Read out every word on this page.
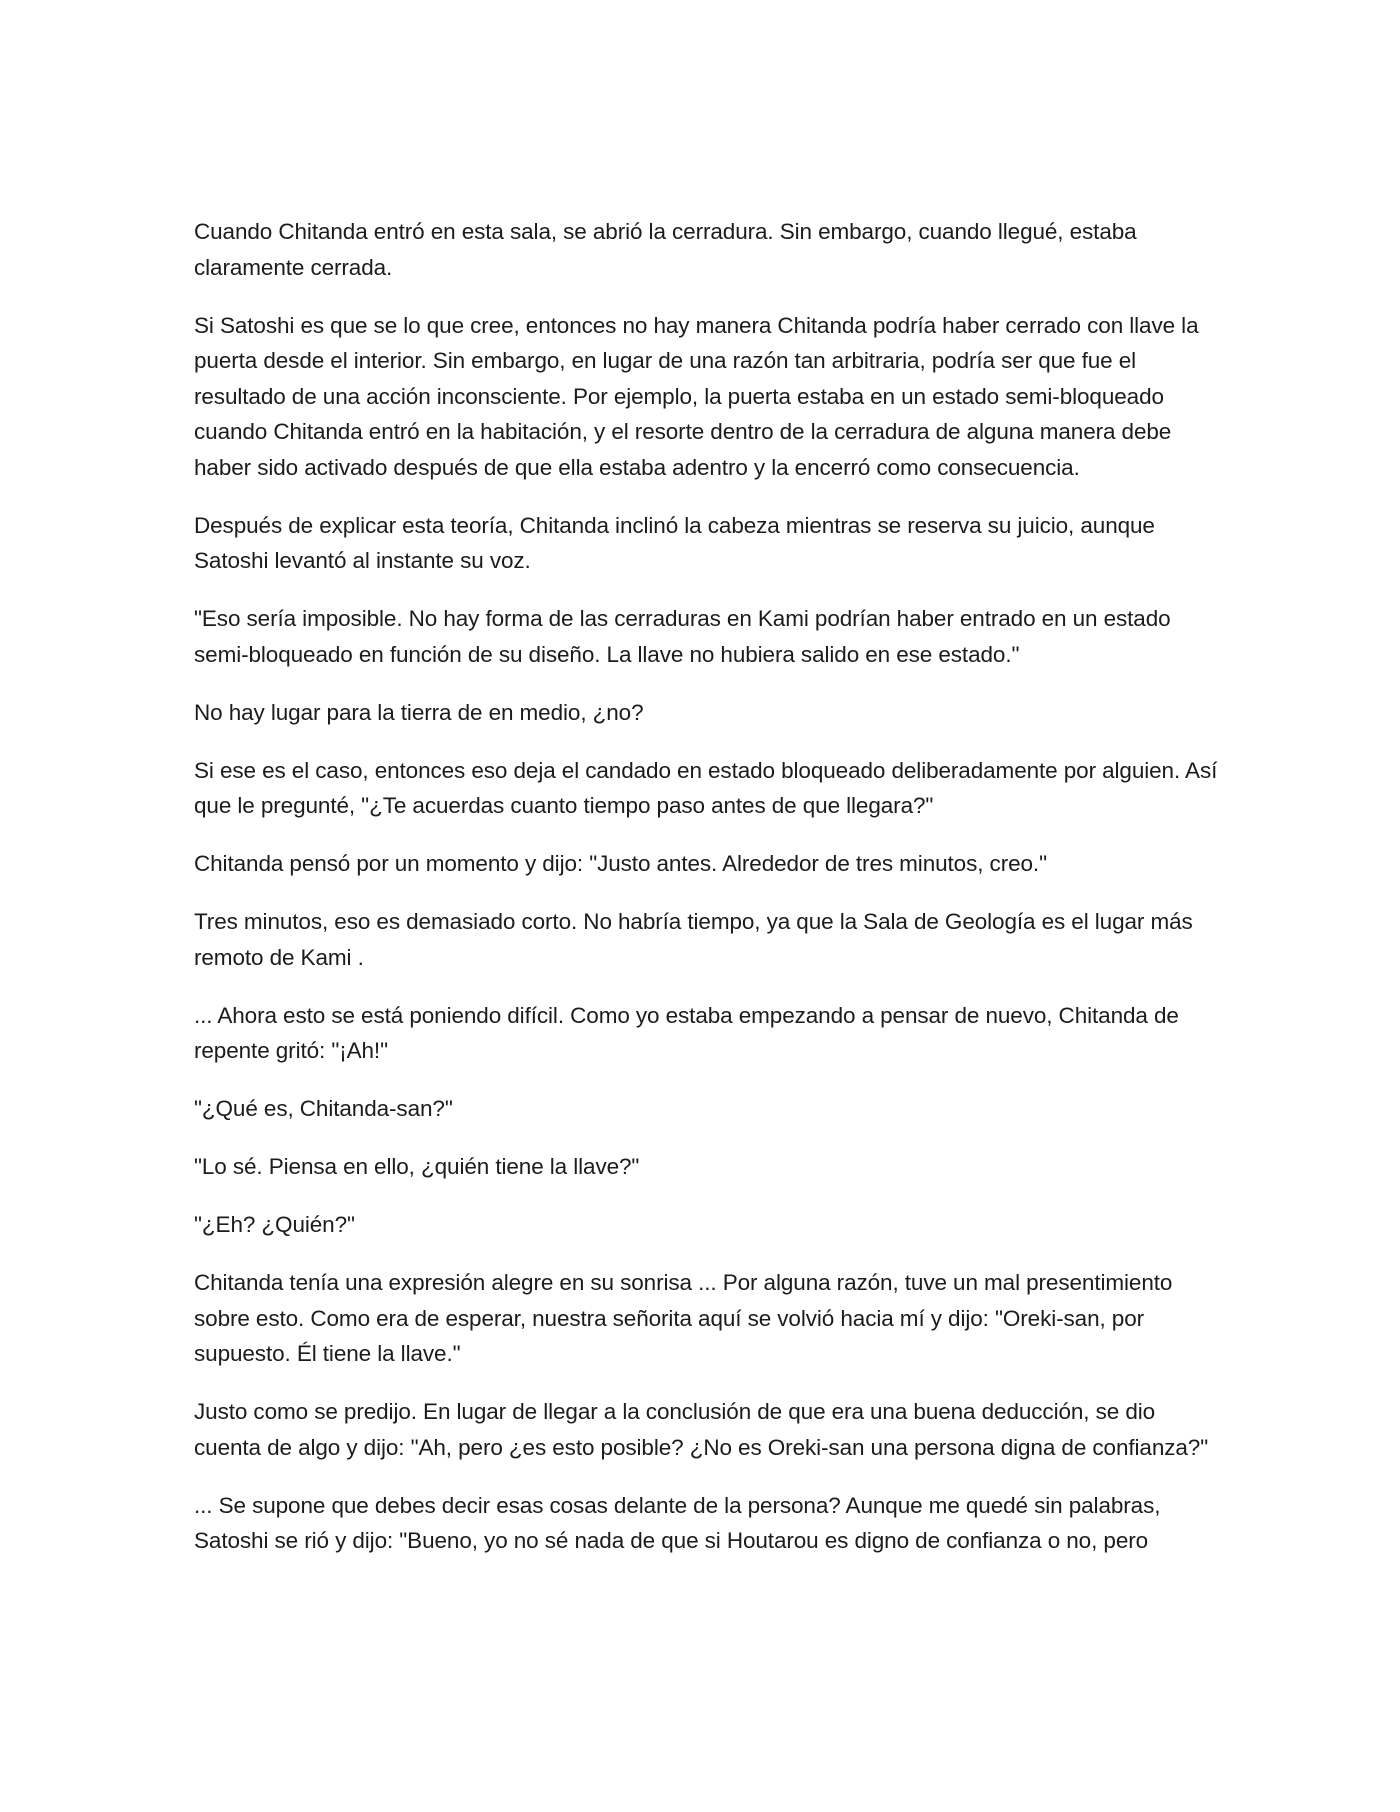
Cuando Chitanda entró en esta sala, se abrió la cerradura. Sin embargo, cuando llegué, estaba claramente cerrada.

Si Satoshi es que se lo que cree, entonces no hay manera Chitanda podría haber cerrado con llave la puerta desde el interior. Sin embargo, en lugar de una razón tan arbitraria, podría ser que fue el resultado de una acción inconsciente. Por ejemplo, la puerta estaba en un estado semi-bloqueado cuando Chitanda entró en la habitación, y el resorte dentro de la cerradura de alguna manera debe haber sido activado después de que ella estaba adentro y la encerró como consecuencia.

Después de explicar esta teoría, Chitanda inclinó la cabeza mientras se reserva su juicio, aunque Satoshi levantó al instante su voz.

"Eso sería imposible. No hay forma de las cerraduras en Kami podrían haber entrado en un estado semi-bloqueado en función de su diseño. La llave no hubiera salido en ese estado."

No hay lugar para la tierra de en medio, ¿no?

Si ese es el caso, entonces eso deja el candado en estado bloqueado deliberadamente por alguien. Así que le pregunté, "¿Te acuerdas cuanto tiempo paso antes de que llegara?"

Chitanda pensó por un momento y dijo: "Justo antes. Alrededor de tres minutos, creo."

Tres minutos, eso es demasiado corto. No habría tiempo, ya que la Sala de Geología es el lugar más remoto de Kami .

... Ahora esto se está poniendo difícil. Como yo estaba empezando a pensar de nuevo, Chitanda de repente gritó: "¡Ah!"

"¿Qué es, Chitanda-san?"

"Lo sé. Piensa en ello, ¿quién tiene la llave?"

"¿Eh? ¿Quién?"

Chitanda tenía una expresión alegre en su sonrisa ... Por alguna razón, tuve un mal presentimiento sobre esto. Como era de esperar, nuestra señorita aquí se volvió hacia mí y dijo: "Oreki-san, por supuesto. Él tiene la llave."

Justo como se predijo. En lugar de llegar a la conclusión de que era una buena deducción, se dio cuenta de algo y dijo: "Ah, pero ¿es esto posible? ¿No es Oreki-san una persona digna de confianza?"

... Se supone que debes decir esas cosas delante de la persona? Aunque me quedé sin palabras, Satoshi se rió y dijo: "Bueno, yo no sé nada de que si Houtarou es digno de confianza o no, pero
